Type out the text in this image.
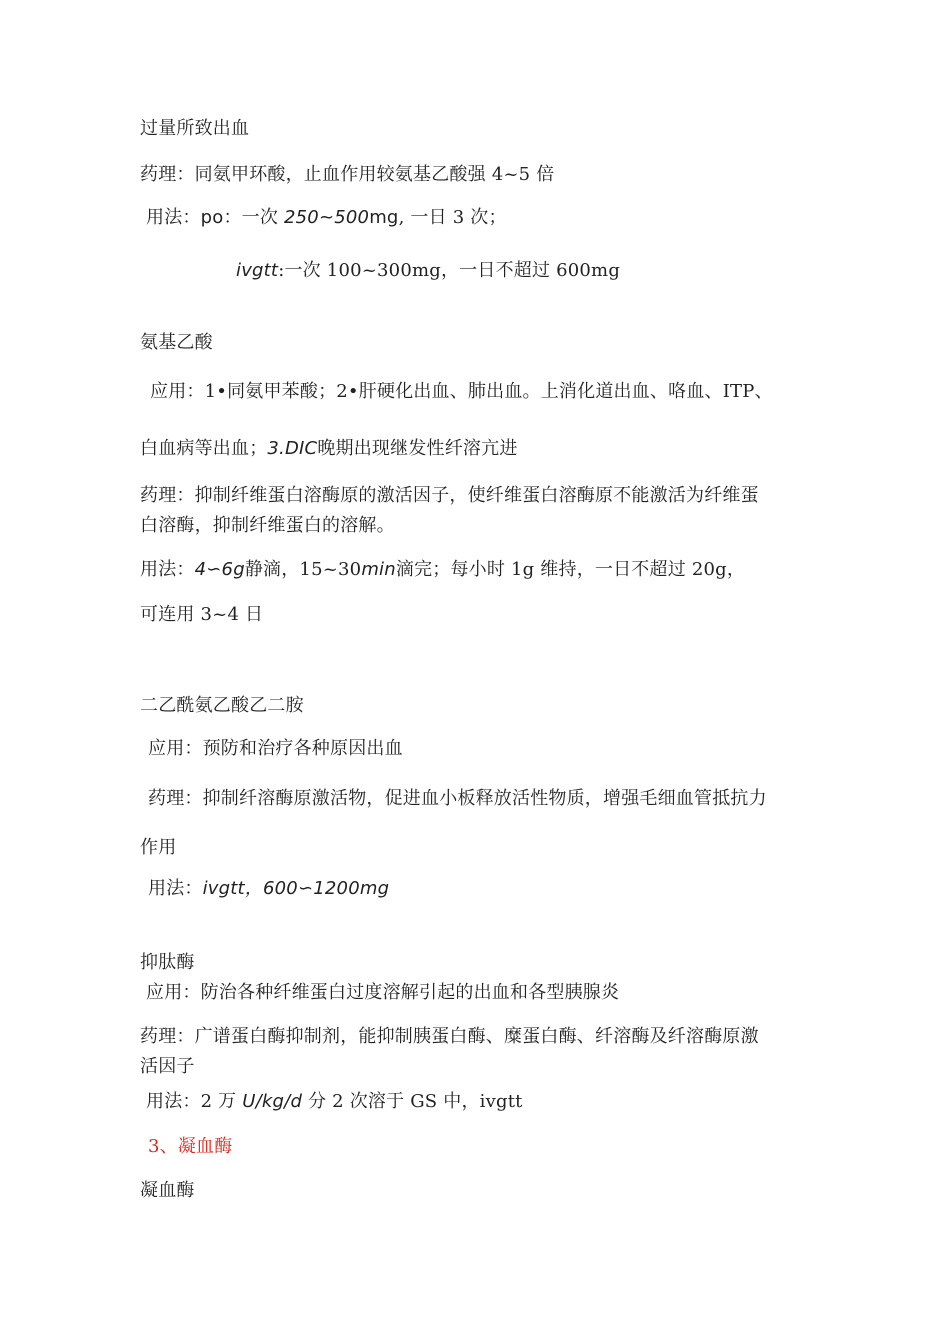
过量所致出血
药理：同氨甲环酸，止血作用较氨基乙酸强 4~5 倍
用法：po：一次 250~500mg, 一日 3 次；
ivgtt:一次 100~300mg，一日不超过 600mg
氨基乙酸
应用：1•同氨甲苯酸；2•肝硬化出血、肺出血。上消化道出血、咯血、ITP、
白血病等出血；3.DIC晚期出现继发性纤溶亢进
药理：抑制纤维蛋白溶酶原的激活因子，使纤维蛋白溶酶原不能激活为纤维蛋
白溶酶，抑制纤维蛋白的溶解。
用法：4∽6g静滴，15~30min滴完；每小时 1g 维持，一日不超过 20g，
可连用 3~4 日
二乙酰氨乙酸乙二胺
应用：预防和治疗各种原因出血
药理：抑制纤溶酶原激活物，促进血小板释放活性物质，增强毛细血管抵抗力
作用
用法：ivgtt，600∽1200mg
抑肽酶
应用：防治各种纤维蛋白过度溶解引起的出血和各型胰腺炎
药理：广谱蛋白酶抑制剂，能抑制胰蛋白酶、糜蛋白酶、纤溶酶及纤溶酶原激
活因子
用法：2 万 U/kg/d 分 2 次溶于 GS 中，ivgtt
3、凝血酶
凝血酶
